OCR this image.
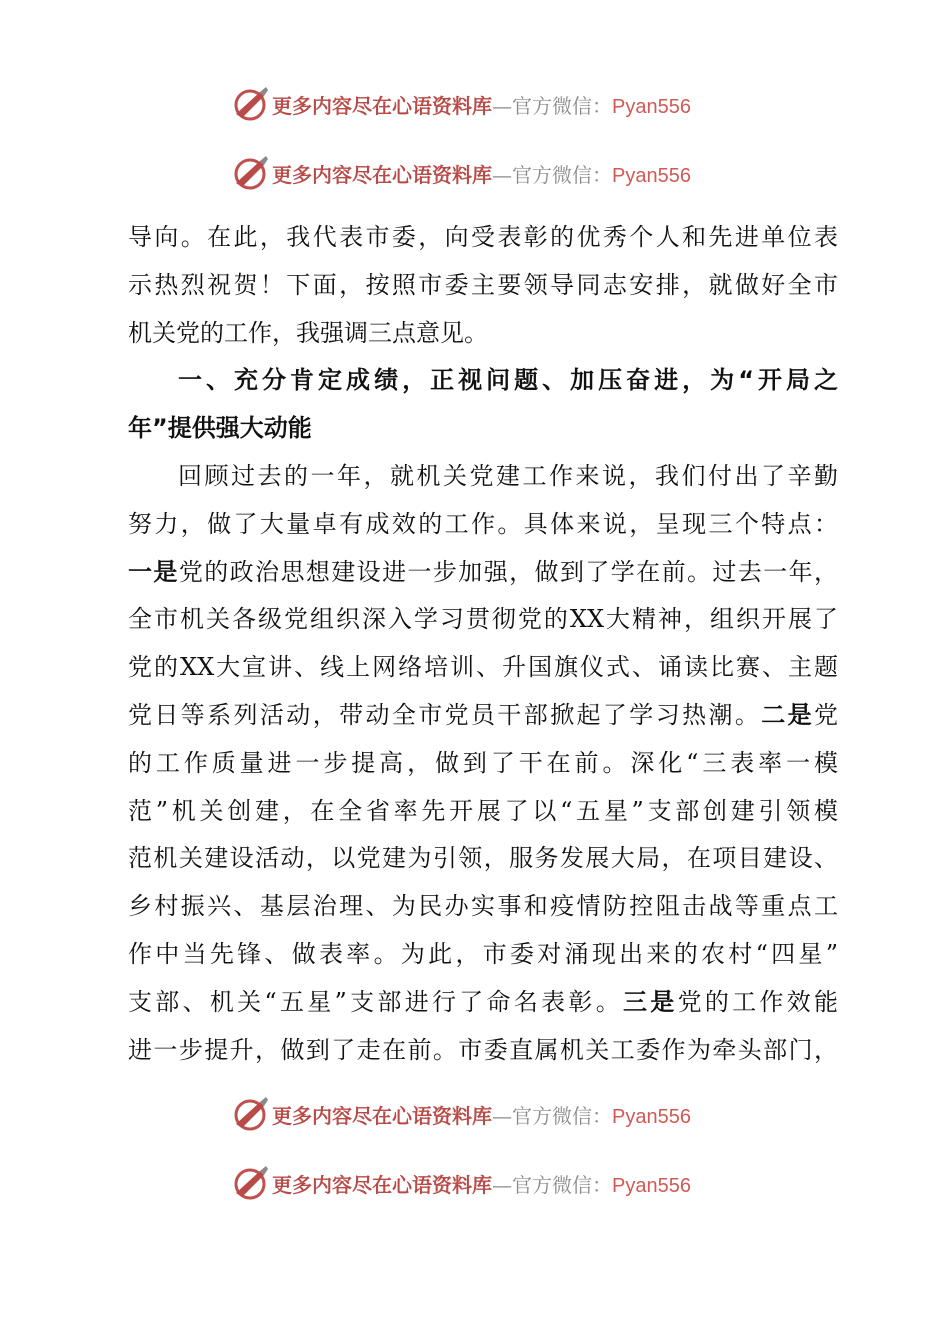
更多内容尽在心语资料库—官方微信：Pyan556
更多内容尽在心语资料库—官方微信：Pyan556
导向。在此，我代表市委，向受表彰的优秀个人和先进单位表
示热烈祝贺！下面，按照市委主要领导同志安排，就做好全市
机关党的工作，我强调三点意见。
一、充分肯定成绩，正视问题、加压奋进，为“开局之
年”提供强大动能
回顾过去的一年，就机关党建工作来说，我们付出了辛勤
努力，做了大量卓有成效的工作。具体来说，呈现三个特点：
一是党的政治思想建设进一步加强，做到了学在前。过去一年，
全市机关各级党组织深入学习贯彻党的XX大精神，组织开展了
党的XX大宣讲、线上网络培训、升国旗仪式、诵读比赛、主题
党日等系列活动，带动全市党员干部掀起了学习热潮。二是党
的工作质量进一步提高，做到了干在前。深化“三表率一模
范”机关创建，在全省率先开展了以“五星”支部创建引领模
范机关建设活动，以党建为引领，服务发展大局，在项目建设、
乡村振兴、基层治理、为民办实事和疫情防控阻击战等重点工
作中当先锋、做表率。为此，市委对涌现出来的农村“四星”
支部、机关“五星”支部进行了命名表彰。三是党的工作效能
进一步提升，做到了走在前。市委直属机关工委作为牵头部门，
更多内容尽在心语资料库—官方微信：Pyan556
更多内容尽在心语资料库—官方微信：Pyan556
